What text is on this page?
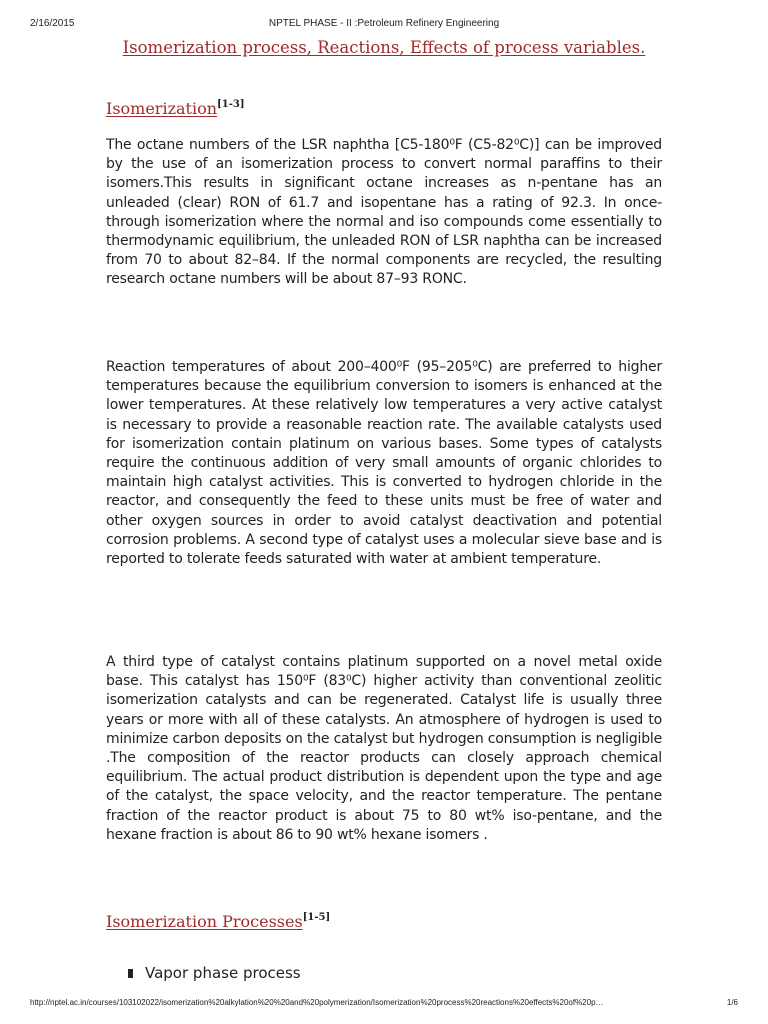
2/16/2015	NPTEL PHASE - II :Petroleum Refinery Engineering
Isomerization process, Reactions, Effects of process variables.
Isomerization[1-3]

The octane numbers of the LSR naphtha [C5-180⁰F (C5-82⁰C)] can be improved by the use of an isomerization process to convert normal paraffins to their isomers.This results in significant octane increases as n-pentane has an unleaded (clear) RON of 61.7 and isopentane has a rating of 92.3. In once-through isomerization where the normal and iso compounds come essentially to thermodynamic equilibrium, the unleaded RON of LSR naphtha can be increased from 70 to about 82–84. If the normal components are recycled, the resulting research octane numbers will be about 87–93 RONC.

Reaction temperatures of about 200–400⁰F (95–205⁰C) are preferred to higher temperatures because the equilibrium conversion to isomers is enhanced at the lower temperatures. At these relatively low temperatures a very active catalyst is necessary to provide a reasonable reaction rate. The available catalysts used for isomerization contain platinum on various bases. Some types of catalysts require the continuous addition of very small amounts of organic chlorides to maintain high catalyst activities. This is converted to hydrogen chloride in the reactor, and consequently the feed to these units must be free of water and other oxygen sources in order to avoid catalyst deactivation and potential corrosion problems. A second type of catalyst uses a molecular sieve base and is reported to tolerate feeds saturated with water at ambient temperature.

A third type of catalyst contains platinum supported on a novel metal oxide base. This catalyst has 150⁰F (83⁰C) higher activity than conventional zeolitic isomerization catalysts and can be regenerated. Catalyst life is usually three years or more with all of these catalysts. An atmosphere of hydrogen is used to minimize carbon deposits on the catalyst but hydrogen consumption is negligible .The composition of the reactor products can closely approach chemical equilibrium. The actual product distribution is dependent upon the type and age of the catalyst, the space velocity, and the reactor temperature. The pentane fraction of the reactor product is about 75 to 80 wt% iso-pentane, and the hexane fraction is about 86 to 90 wt% hexane isomers .

Isomerization Processes[1-5]
Vapor phase process
http://nptel.ac.in/courses/103102022/isomerization%20alkylation%20%20and%20polymerization/Isomerization%20process%20reactions%20effects%20of%20p…	1/6
